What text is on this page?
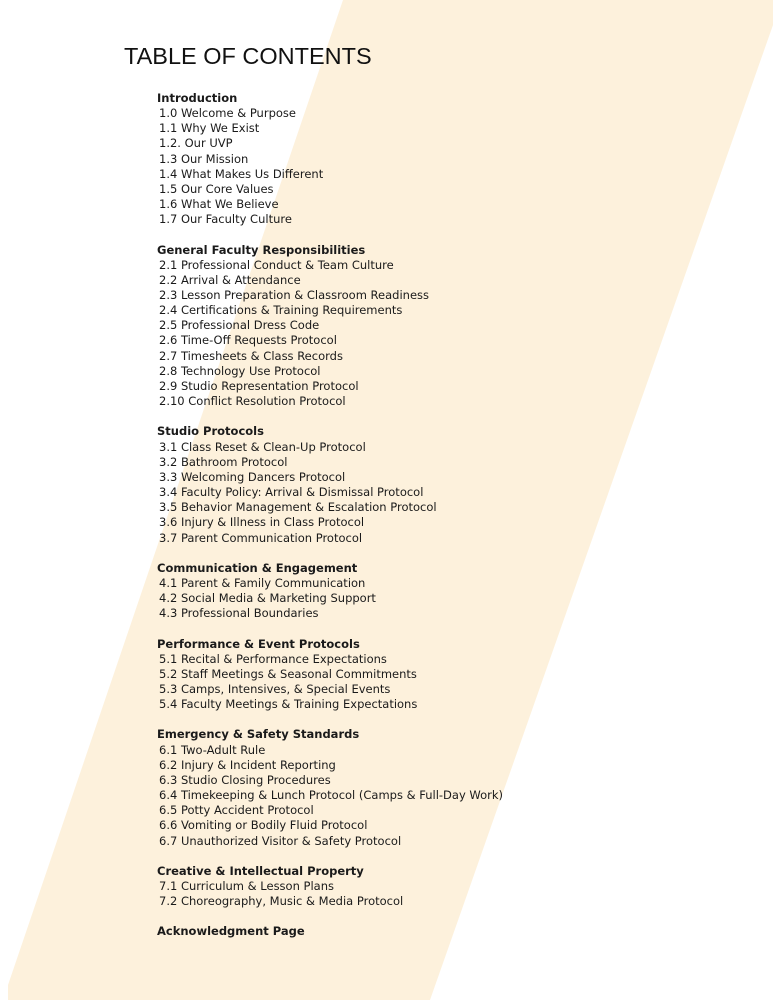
TABLE OF CONTENTS
Introduction
1.0 Welcome & Purpose
1.1 Why We Exist
1.2. Our UVP
1.3 Our Mission
1.4 What Makes Us Different
1.5 Our Core Values
1.6 What We Believe
1.7 Our Faculty Culture
General Faculty Responsibilities
2.1 Professional Conduct & Team Culture
2.2 Arrival & Attendance
2.3 Lesson Preparation & Classroom Readiness
2.4 Certifications & Training Requirements
2.5 Professional Dress Code
2.6 Time-Off Requests Protocol
2.7 Timesheets & Class Records
2.8 Technology Use Protocol
2.9 Studio Representation Protocol
2.10 Conflict Resolution Protocol
Studio Protocols
3.1 Class Reset & Clean-Up Protocol
3.2 Bathroom Protocol
3.3 Welcoming Dancers Protocol
3.4 Faculty Policy: Arrival & Dismissal Protocol
3.5 Behavior Management & Escalation Protocol
3.6 Injury & Illness in Class Protocol
3.7 Parent Communication Protocol
Communication & Engagement
4.1 Parent & Family Communication
4.2 Social Media & Marketing Support
4.3 Professional Boundaries
Performance & Event Protocols
5.1 Recital & Performance Expectations
5.2 Staff Meetings & Seasonal Commitments
5.3 Camps, Intensives, & Special Events
5.4 Faculty Meetings & Training Expectations
Emergency & Safety Standards
6.1 Two-Adult Rule
6.2 Injury & Incident Reporting
6.3 Studio Closing Procedures
6.4 Timekeeping & Lunch Protocol (Camps & Full-Day Work)
6.5 Potty Accident Protocol
6.6 Vomiting or Bodily Fluid Protocol
6.7 Unauthorized Visitor & Safety Protocol
Creative & Intellectual Property
7.1 Curriculum & Lesson Plans
7.2 Choreography, Music & Media Protocol
Acknowledgment Page
